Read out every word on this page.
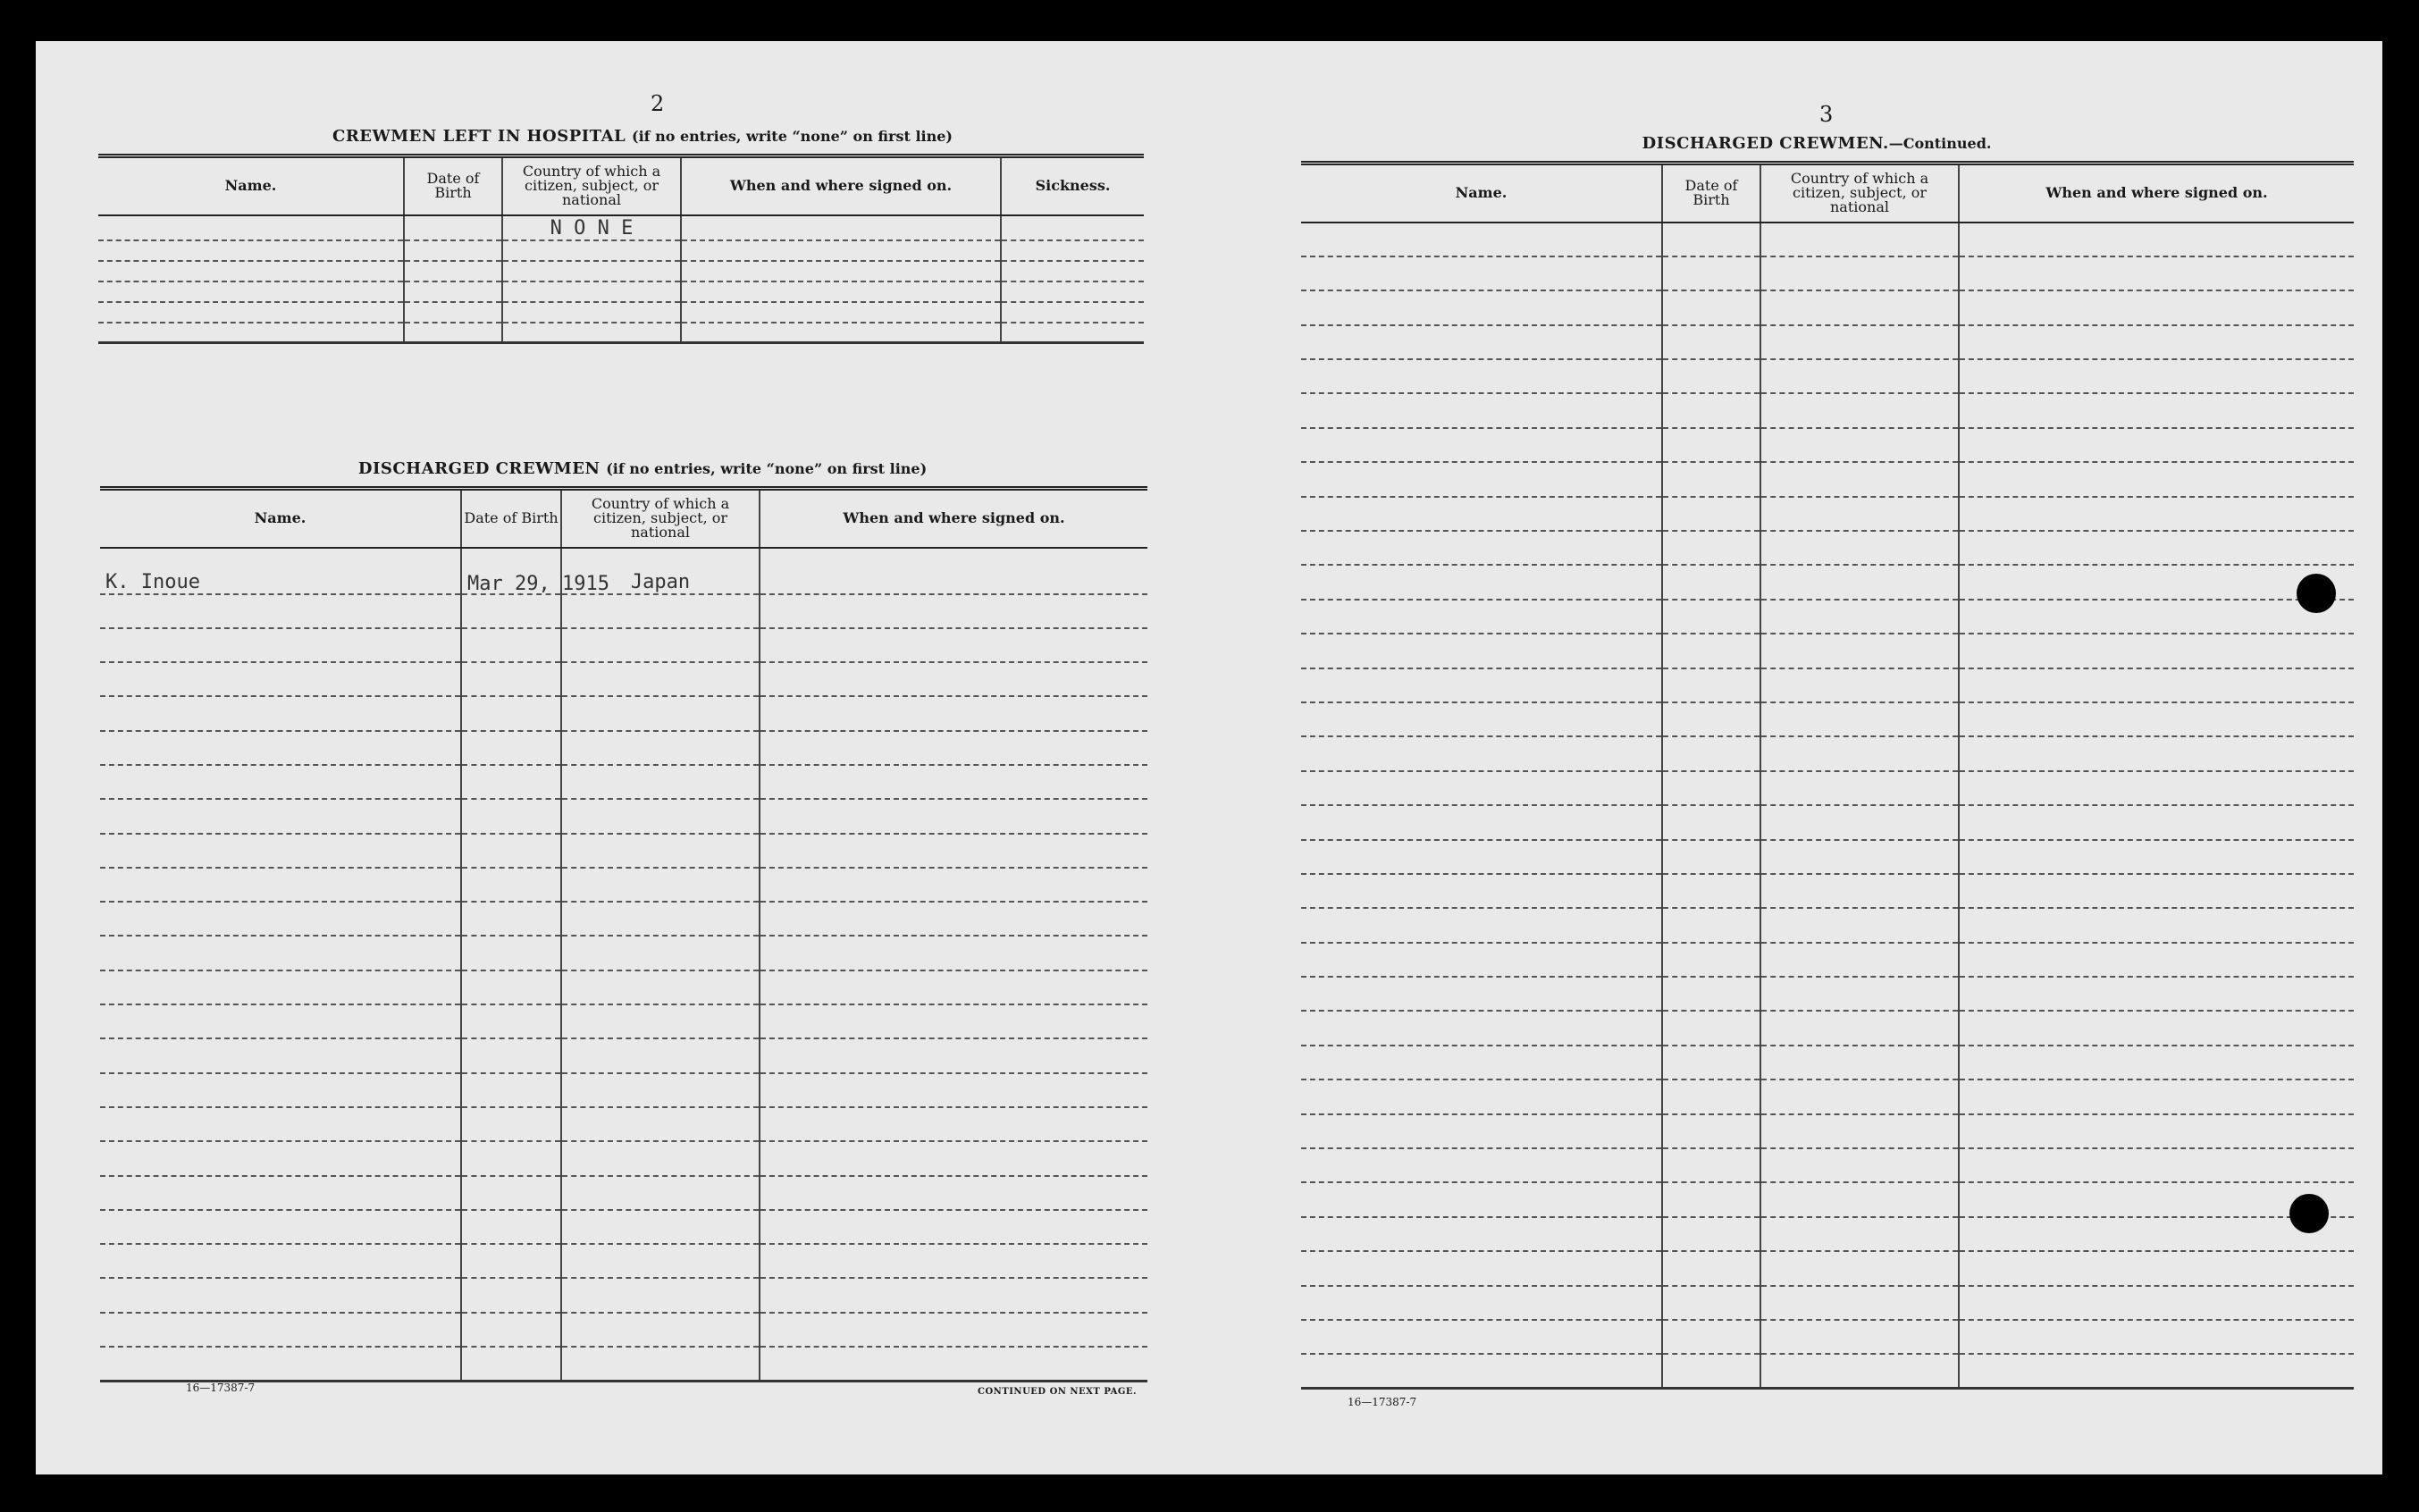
2
CREWMEN LEFT IN HOSPITAL (if no entries, write “none” on first line)
Name.	Date of Birth	Country of which a citizen, subject, or national	When and where signed on.	Sickness.
		N O N E		

DISCHARGED CREWMEN (if no entries, write “none” on first line)
Name.	Date of Birth	Country of which a citizen, subject, or national	When and where signed on.
K. Inoue	Mar 29, 1915	Japan	

16—17387-7	CONTINUED ON NEXT PAGE.
3
DISCHARGED CREWMEN.—Continued.
Name.	Date of Birth	Country of which a citizen, subject, or national	When and where signed on.

16—17387-7
